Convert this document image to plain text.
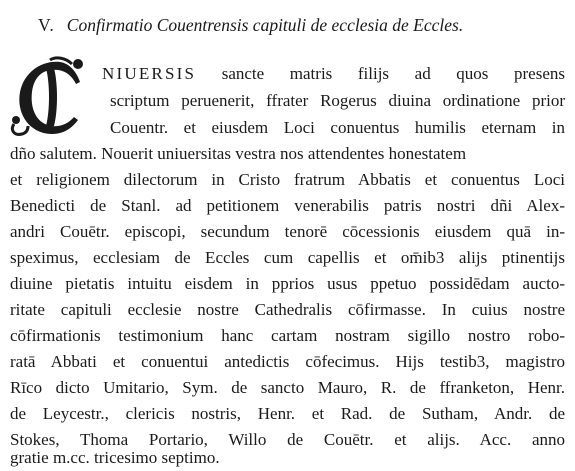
V. Confirmatio Couentrensis capituli de ecclesia de Eccles.
NIUERSIS sancte matris filijs ad quos presens
scriptum peruenerit, ffrater Rogerus diuina ordinatione prior
Couentr. et eiusdem Loci conuentus humilis eternam in
dño salutem. Nouerit uniuersitas vestra nos attendentes honestatem
et religionem dilectorum in Cristo fratrum Abbatis et conuentus Loci
Benedicti de Stanl. ad petitionem venerabilis patris nostri dñi Alex-
andri Couētr. episcopi, secundum tenorē cōcessionis eiusdem quā in-
speximus, ecclesiam de Eccles cum capellis et om̄ib3 alijs ptinentijs
diuine pietatis intuitu eisdem in pprios usus ppetuo possidēdam aucto-
ritate capituli ecclesie nostre Cathedralis cōfirmasse. In cuius nostre
cōfirmationis testimonium hanc cartam nostram sigillo nostro robo-
ratā Abbati et conuentui antedictis cōfecimus. Hijs testib3, magistro
Rīco dicto Umitario, Sym. de sancto Mauro, R. de ffranketon, Henr.
de Leycestr., clericis nostris, Henr. et Rad. de Sutham, Andr. de
Stokes, Thoma Portario, Willo de Couētr. et alijs. Acc. anno
gratie m.cc. tricesimo septimo.
